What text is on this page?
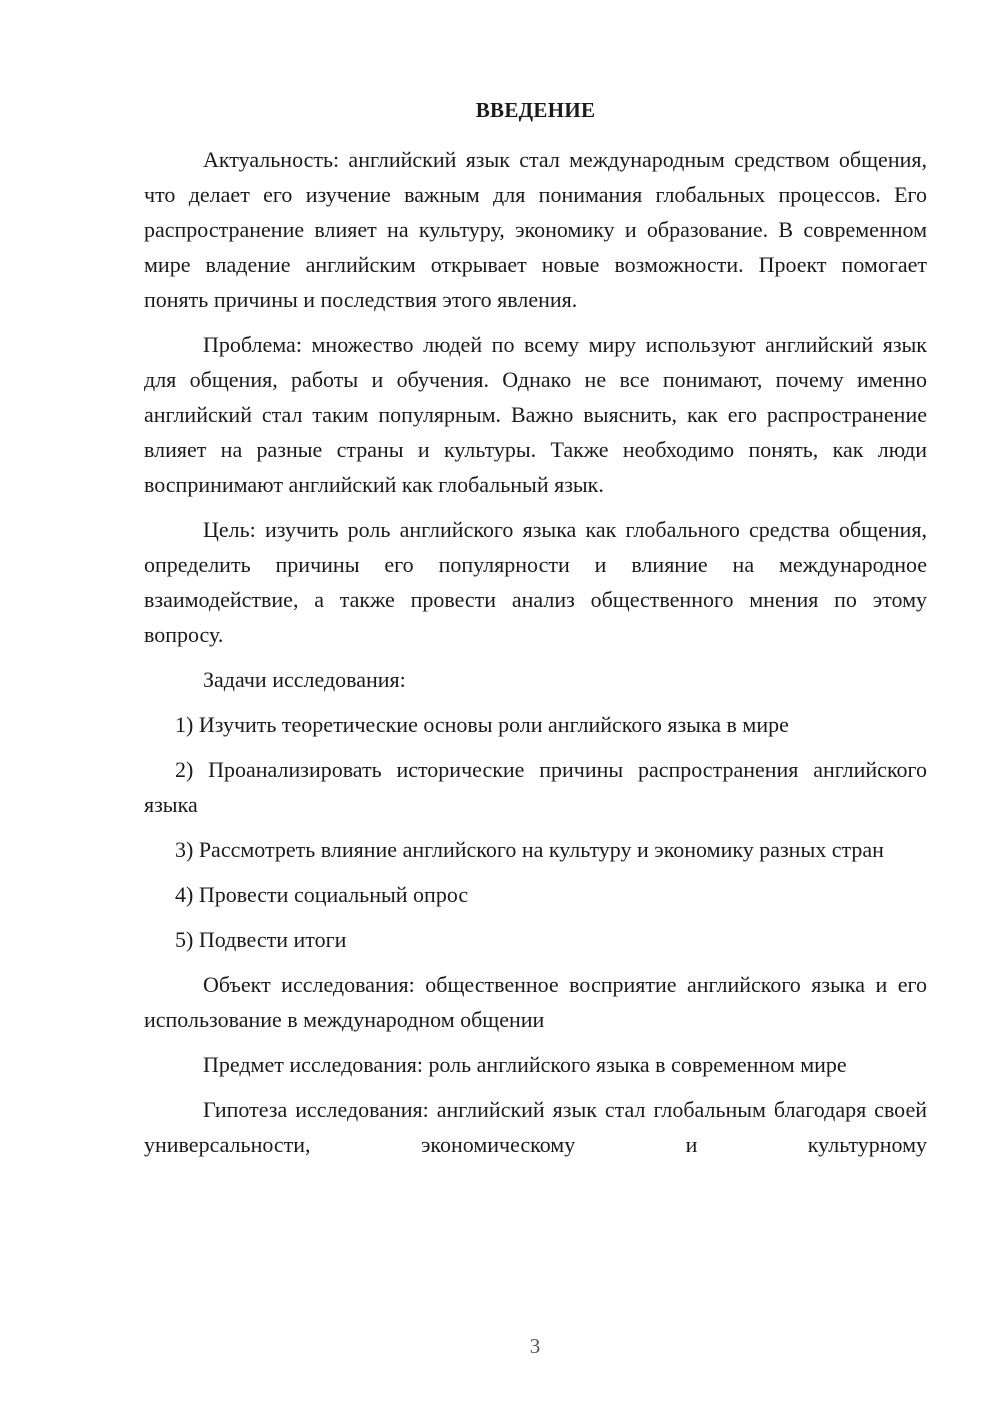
ВВЕДЕНИЕ

Актуальность: английский язык стал международным средством общения, что делает его изучение важным для понимания глобальных процессов. Его распространение влияет на культуру, экономику и образование. В современном мире владение английским открывает новые возможности. Проект помогает понять причины и последствия этого явления.

Проблема: множество людей по всему миру используют английский язык для общения, работы и обучения. Однако не все понимают, почему именно английский стал таким популярным. Важно выяснить, как его распространение влияет на разные страны и культуры. Также необходимо понять, как люди воспринимают английский как глобальный язык.

Цель: изучить роль английского языка как глобального средства общения, определить причины его популярности и влияние на международное взаимодействие, а также провести анализ общественного мнения по этому вопросу.

Задачи исследования:

1) Изучить теоретические основы роли английского языка в мире

2) Проанализировать исторические причины распространения английского языка

3) Рассмотреть влияние английского на культуру и экономику разных стран

4) Провести социальный опрос

5) Подвести итоги

Объект исследования: общественное восприятие английского языка и его использование в международном общении

Предмет исследования: роль английского языка в современном мире

Гипотеза исследования: английский язык стал глобальным благодаря своей универсальности, экономическому и культурному

3
